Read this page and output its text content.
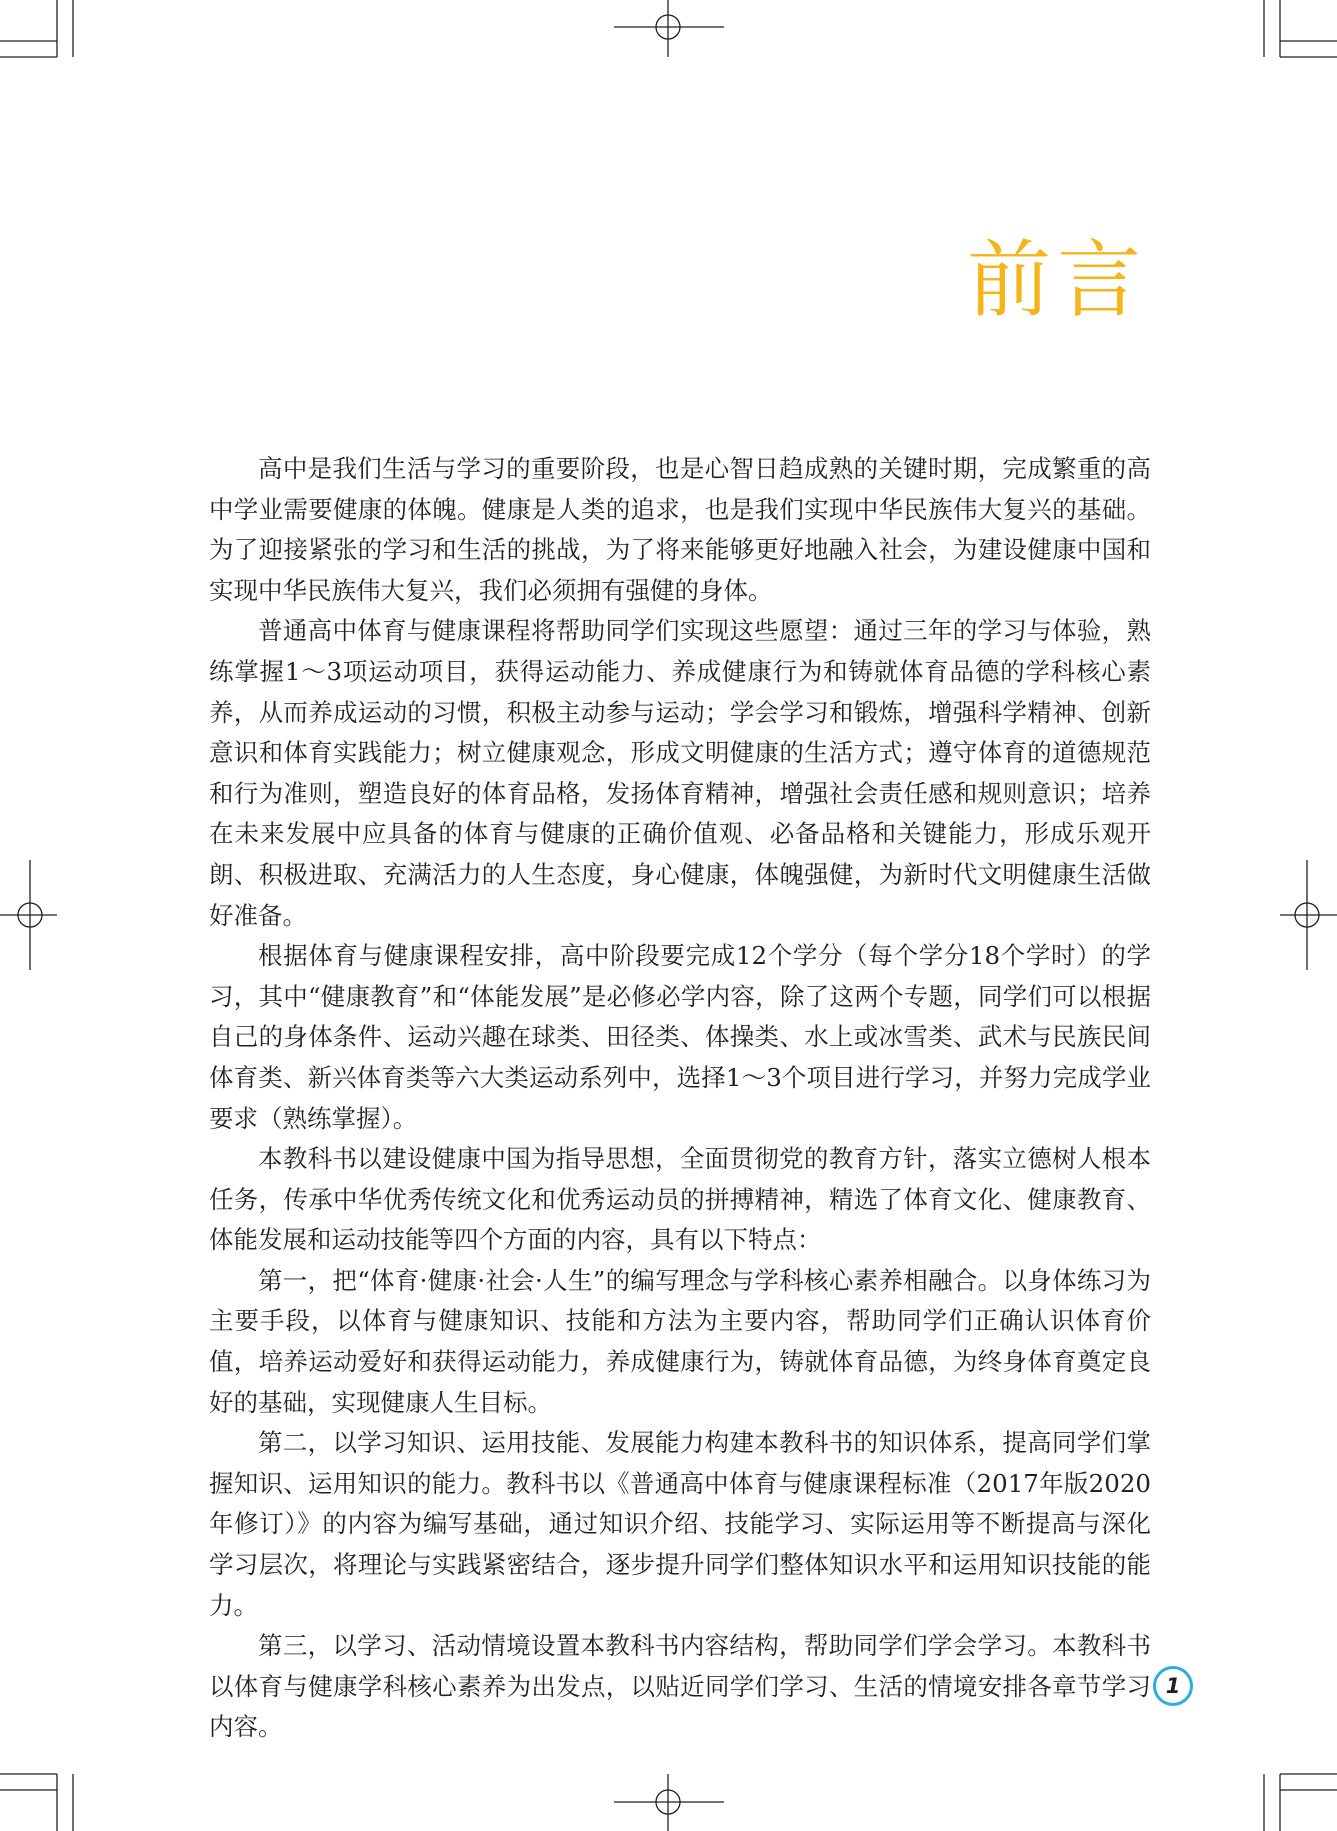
前言

高中是我们生活与学习的重要阶段，也是心智日趋成熟的关键时期，完成繁重的高中学业需要健康的体魄。健康是人类的追求，也是我们实现中华民族伟大复兴的基础。为了迎接紧张的学习和生活的挑战，为了将来能够更好地融入社会，为建设健康中国和实现中华民族伟大复兴，我们必须拥有强健的身体。

普通高中体育与健康课程将帮助同学们实现这些愿望：通过三年的学习与体验，熟练掌握1～3项运动项目，获得运动能力、养成健康行为和铸就体育品德的学科核心素养，从而养成运动的习惯，积极主动参与运动；学会学习和锻炼，增强科学精神、创新意识和体育实践能力；树立健康观念，形成文明健康的生活方式；遵守体育的道德规范和行为准则，塑造良好的体育品格，发扬体育精神，增强社会责任感和规则意识；培养在未来发展中应具备的体育与健康的正确价值观、必备品格和关键能力，形成乐观开朗、积极进取、充满活力的人生态度，身心健康，体魄强健，为新时代文明健康生活做好准备。

根据体育与健康课程安排，高中阶段要完成12个学分（每个学分18个学时）的学习，其中“健康教育”和“体能发展”是必修必学内容，除了这两个专题，同学们可以根据自己的身体条件、运动兴趣在球类、田径类、体操类、水上或冰雪类、武术与民族民间体育类、新兴体育类等六大类运动系列中，选择1～3个项目进行学习，并努力完成学业要求（熟练掌握）。

本教科书以建设健康中国为指导思想，全面贯彻党的教育方针，落实立德树人根本任务，传承中华优秀传统文化和优秀运动员的拼搏精神，精选了体育文化、健康教育、体能发展和运动技能等四个方面的内容，具有以下特点：

第一，把“体育·健康·社会·人生”的编写理念与学科核心素养相融合。以身体练习为主要手段，以体育与健康知识、技能和方法为主要内容，帮助同学们正确认识体育价值，培养运动爱好和获得运动能力，养成健康行为，铸就体育品德，为终身体育奠定良好的基础，实现健康人生目标。

第二，以学习知识、运用技能、发展能力构建本教科书的知识体系，提高同学们掌握知识、运用知识的能力。教科书以《普通高中体育与健康课程标准（2017年版2020年修订）》的内容为编写基础，通过知识介绍、技能学习、实际运用等不断提高与深化学习层次，将理论与实践紧密结合，逐步提升同学们整体知识水平和运用知识技能的能力。

第三，以学习、活动情境设置本教科书内容结构，帮助同学们学会学习。本教科书以体育与健康学科核心素养为出发点，以贴近同学们学习、生活的情境安排各章节学习内容。

1
